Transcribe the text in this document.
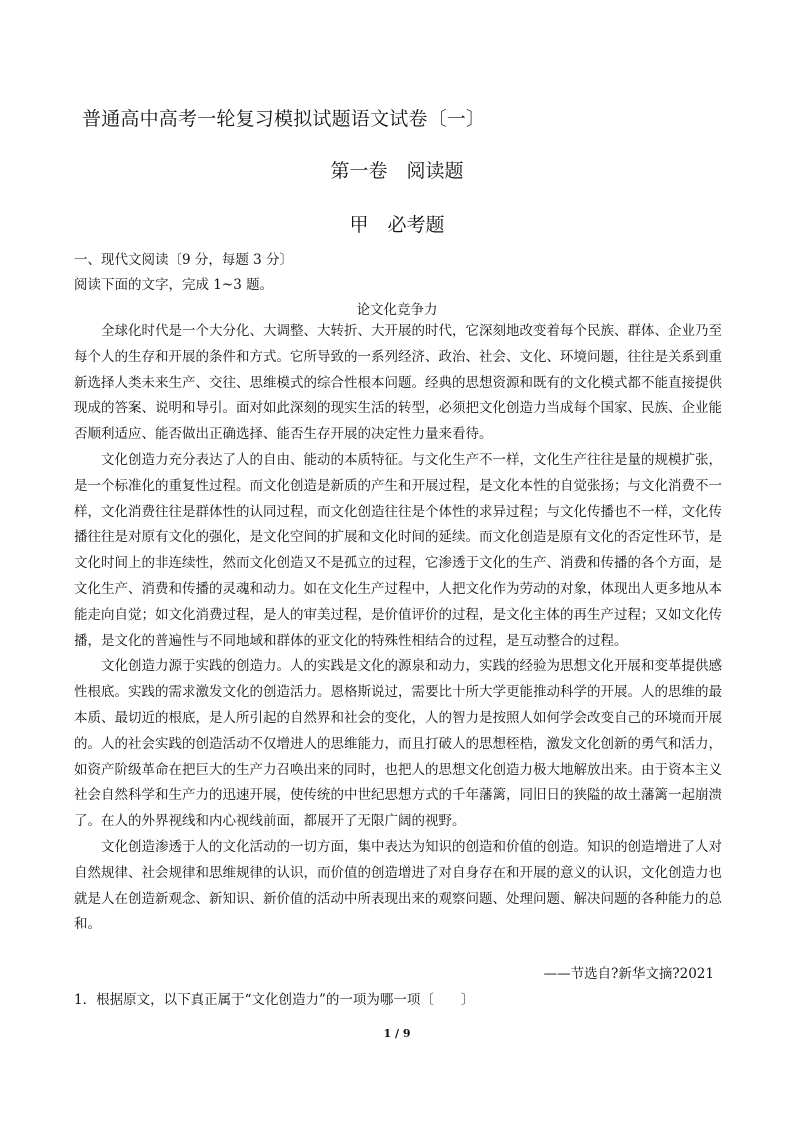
普通高中高考一轮复习模拟试题语文试卷〔一〕
第一卷　阅读题
甲　必考题
一、现代文阅读〔9 分，每题 3 分〕
阅读下面的文字，完成 1~3 题。
论文化竞争力

全球化时代是一个大分化、大调整、大转折、大开展的时代，它深刻地改变着每个民族、群体、企业乃至每个人的生存和开展的条件和方式。它所导致的一系列经济、政治、社会、文化、环境问题，往往是关系到重新选择人类未来生产、交往、思维模式的综合性根本问题。经典的思想资源和既有的文化模式都不能直接提供现成的答案、说明和导引。面对如此深刻的现实生活的转型，必须把文化创造力当成每个国家、民族、企业能否顺利适应、能否做出正确选择、能否生存开展的决定性力量来看待。

文化创造力充分表达了人的自由、能动的本质特征。与文化生产不一样，文化生产往往是量的规模扩张，是一个标准化的重复性过程。而文化创造是新质的产生和开展过程，是文化本性的自觉张扬；与文化消费不一样，文化消费往往是群体性的认同过程，而文化创造往往是个体性的求异过程；与文化传播也不一样，文化传播往往是对原有文化的强化，是文化空间的扩展和文化时间的延续。而文化创造是原有文化的否定性环节，是文化时间上的非连续性，然而文化创造又不是孤立的过程，它渗透于文化的生产、消费和传播的各个方面，是文化生产、消费和传播的灵魂和动力。如在文化生产过程中，人把文化作为劳动的对象，体现出人更多地从本能走向自觉；如文化消费过程，是人的审美过程，是价值评价的过程，是文化主体的再生产过程；又如文化传播，是文化的普遍性与不同地域和群体的亚文化的特殊性相结合的过程，是互动整合的过程。

文化创造力源于实践的创造力。人的实践是文化的源泉和动力，实践的经验为思想文化开展和变革提供感性根底。实践的需求激发文化的创造活力。恩格斯说过，需要比十所大学更能推动科学的开展。人的思维的最本质、最切近的根底，是人所引起的自然界和社会的变化，人的智力是按照人如何学会改变自己的环境而开展的。人的社会实践的创造活动不仅增进人的思维能力，而且打破人的思想桎梏，激发文化创新的勇气和活力，如资产阶级革命在把巨大的生产力召唤出来的同时，也把人的思想文化创造力极大地解放出来。由于资本主义社会自然科学和生产力的迅速开展，使传统的中世纪思想方式的千年藩篱，同旧日的狭隘的故土藩篱一起崩溃了。在人的外界视线和内心视线前面，都展开了无限广阔的视野。

文化创造渗透于人的文化活动的一切方面，集中表达为知识的创造和价值的创造。知识的创造增进了人对自然规律、社会规律和思维规律的认识，而价值的创造增进了对自身存在和开展的意义的认识，文化创造力也就是人在创造新观念、新知识、新价值的活动中所表现出来的观察问题、处理问题、解决问题的各种能力的总和。

——节选自?新华文摘?2021
1．根据原文，以下真正属于“文化创造力”的一项为哪一项〔　　〕
1 / 9
